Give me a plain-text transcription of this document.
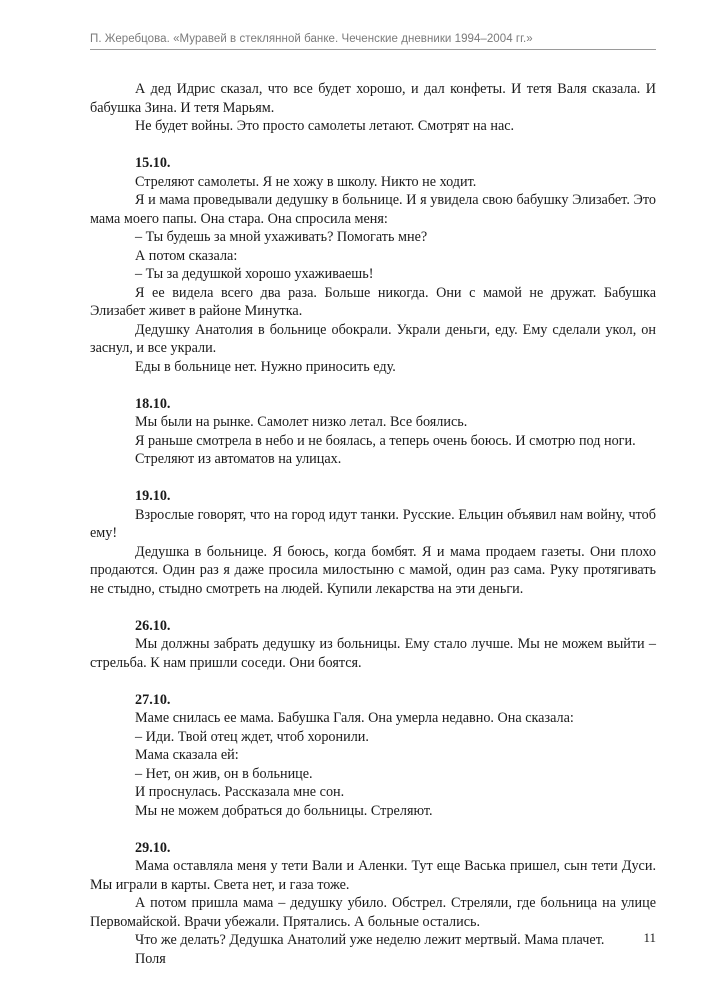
П. Жеребцова. «Муравей в стеклянной банке. Чеченские дневники 1994–2004 гг.»

А дед Идрис сказал, что все будет хорошо, и дал конфеты. И тетя Валя сказала. И бабушка Зина. И тетя Марьям.

Не будет войны. Это просто самолеты летают. Смотрят на нас.

15.10.

Стреляют самолеты. Я не хожу в школу. Никто не ходит.

Я и мама проведывали дедушку в больнице. И я увидела свою бабушку Элизабет. Это мама моего папы. Она стара. Она спросила меня:

– Ты будешь за мной ухаживать? Помогать мне?

А потом сказала:

– Ты за дедушкой хорошо ухаживаешь!

Я ее видела всего два раза. Больше никогда. Они с мамой не дружат. Бабушка Элизабет живет в районе Минутка.

Дедушку Анатолия в больнице обокрали. Украли деньги, еду. Ему сделали укол, он заснул, и все украли.

Еды в больнице нет. Нужно приносить еду.

18.10.

Мы были на рынке. Самолет низко летал. Все боялись.

Я раньше смотрела в небо и не боялась, а теперь очень боюсь. И смотрю под ноги.

Стреляют из автоматов на улицах.

19.10.

Взрослые говорят, что на город идут танки. Русские. Ельцин объявил нам войну, чтоб ему!

Дедушка в больнице. Я боюсь, когда бомбят. Я и мама продаем газеты. Они плохо продаются. Один раз я даже просила милостыню с мамой, один раз сама. Руку протягивать не стыдно, стыдно смотреть на людей. Купили лекарства на эти деньги.

26.10.

Мы должны забрать дедушку из больницы. Ему стало лучше. Мы не можем выйти – стрельба. К нам пришли соседи. Они боятся.

27.10.

Маме снилась ее мама. Бабушка Галя. Она умерла недавно. Она сказала:

– Иди. Твой отец ждет, чтоб хоронили.

Мама сказала ей:

– Нет, он жив, он в больнице.

И проснулась. Рассказала мне сон.

Мы не можем добраться до больницы. Стреляют.

29.10.

Мама оставляла меня у тети Вали и Аленки. Тут еще Васька пришел, сын тети Дуси. Мы играли в карты. Света нет, и газа тоже.

А потом пришла мама – дедушку убило. Обстрел. Стреляли, где больница на улице Первомайской. Врачи убежали. Прятались. А больные остались.

Что же делать? Дедушка Анатолий уже неделю лежит мертвый. Мама плачет.

Поля

11
